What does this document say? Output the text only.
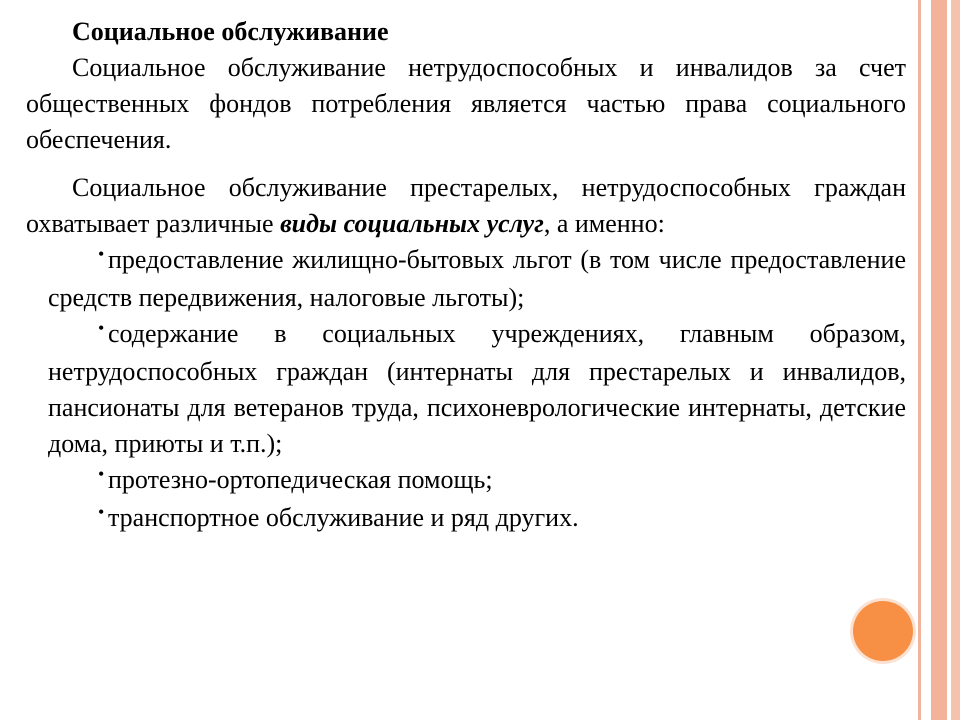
Социальное обслуживание

Социальное обслуживание нетрудоспособных и инвалидов за счет общественных фондов потребления является частью права социального обеспечения.

Социальное обслуживание престарелых, нетрудоспособных граждан охватывает различные виды социальных услуг, а именно:

• предоставление жилищно-бытовых льгот (в том числе предоставление средств передвижения, налоговые льготы);
• содержание в социальных учреждениях, главным образом, нетрудоспособных граждан (интернаты для престарелых и инвалидов, пансионаты для ветеранов труда, психоневрологические интернаты, детские дома, приюты и т.п.);
• протезно-ортопедическая помощь;
• транспортное обслуживание и ряд других.
